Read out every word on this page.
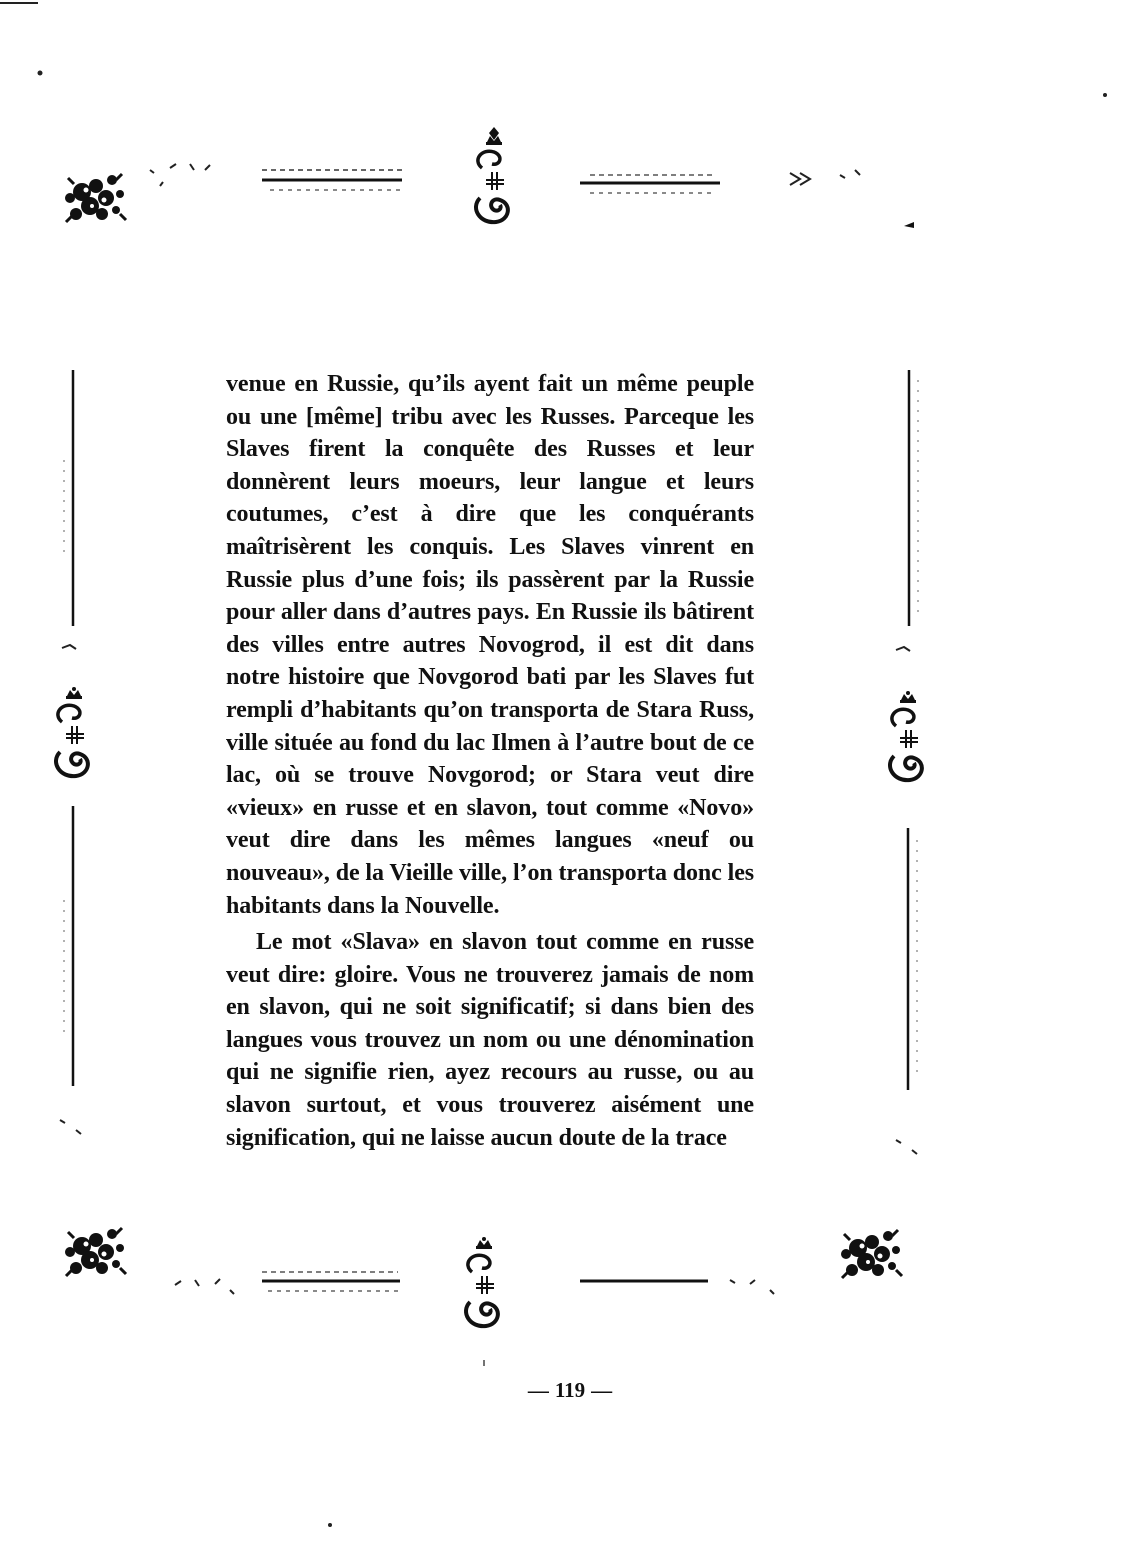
venue en Russie, qu’ils ayent fait un même peuple ou une [même] tribu avec les Russes. Parceque les Slaves firent la conquête des Russes et leur donnèrent leurs moeurs, leur langue et leurs coutumes, c’est à dire que les conquérants maîtrisèrent les conquis. Les Slaves vinrent en Russie plus d’une fois; ils passèrent par la Russie pour aller dans d’autres pays. En Russie ils bâtirent des villes entre autres Novogrod, il est dit dans notre histoire que Novgorod bati par les Slaves fut rempli d’habitants qu’on transporta de Stara Russ, ville située au fond du lac Ilmen à l’autre bout de ce lac, où se trouve Novgorod; or Stara veut dire «vieux» en russe et en slavon, tout comme «Novo» veut dire dans les mêmes langues «neuf ou nouveau», de la Vieille ville, l’on transporta donc les habitants dans la Nouvelle.

Le mot «Slava» en slavon tout comme en russe veut dire: gloire. Vous ne trouverez jamais de nom en slavon, qui ne soit significatif; si dans bien des langues vous trouvez un nom ou une dénomination qui ne signifie rien, ayez recours au russe, ou au slavon surtout, et vous trouverez aisément une signification, qui ne laisse aucun doute de la trace

— 119 —
